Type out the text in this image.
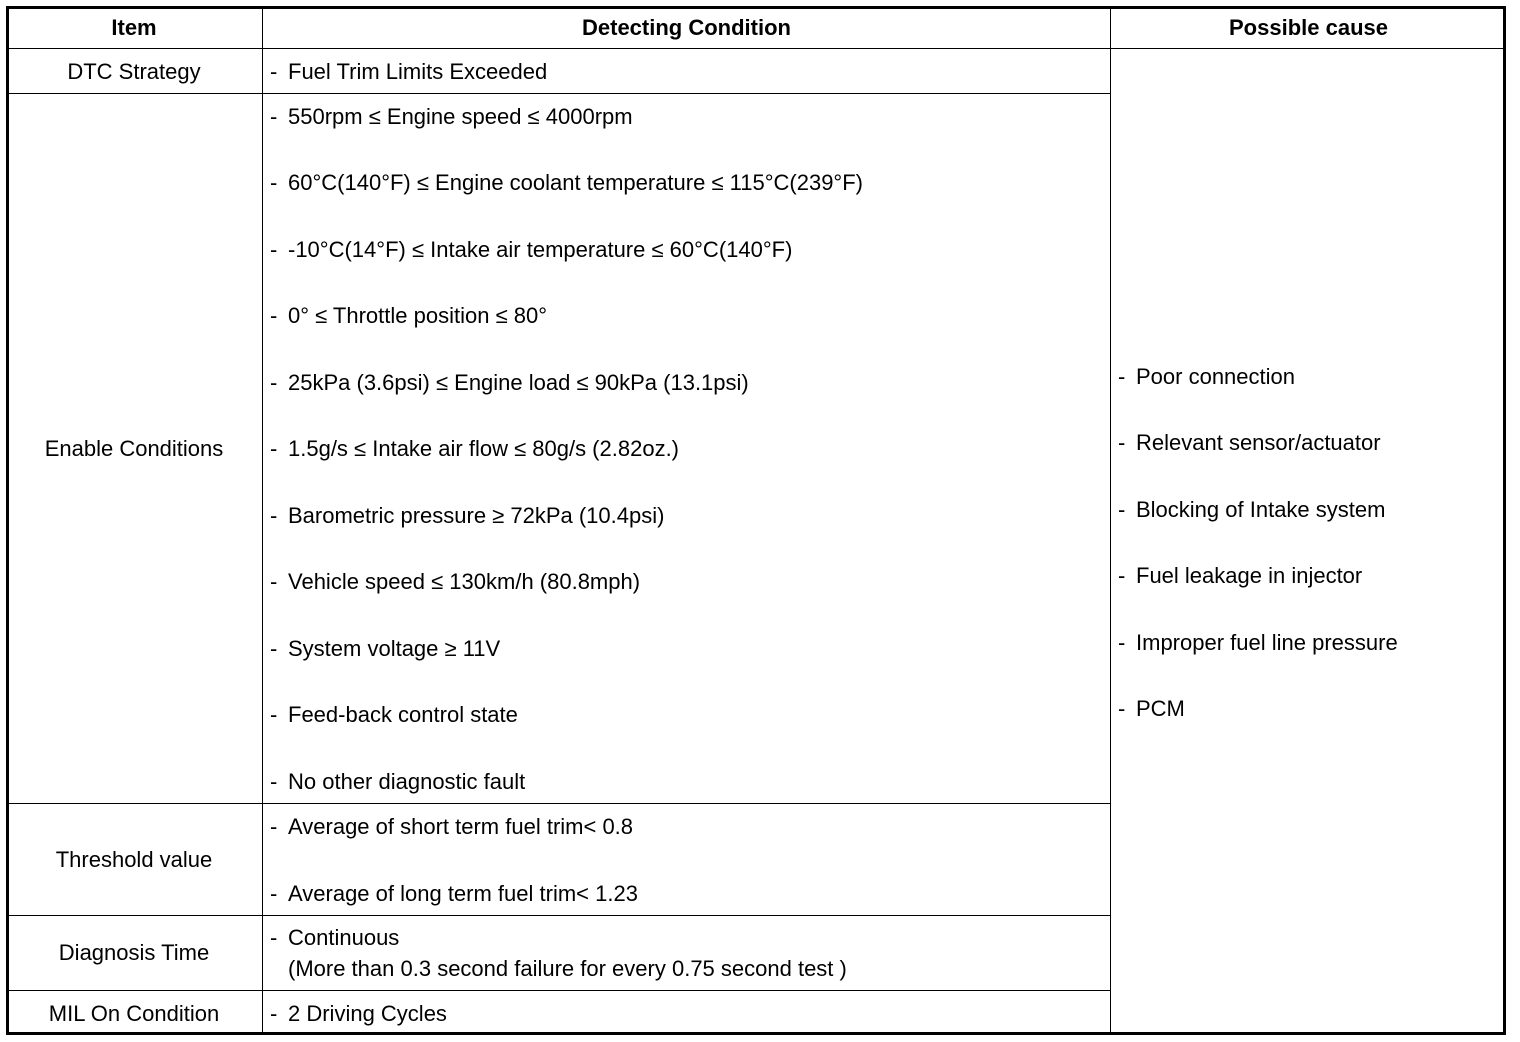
Item	Detecting Condition	Possible cause
DTC Strategy
Enable Conditions
Threshold value
Diagnosis Time
MIL On Condition

-

Fuel Trim Limits Exceeded

- 550rpm ≤ Engine speed ≤ 4000rpm
- 60°C(140°F) ≤ Engine coolant temperature ≤ 115°C(239°F)
- -10°C(14°F) ≤ Intake air temperature ≤ 60°C(140°F)
- 0° ≤ Throttle position ≤ 80°
- 25kPa (3.6psi) ≤ Engine load ≤ 90kPa (13.1psi)
- 1.5g/s ≤ Intake air flow ≤ 80g/s (2.82oz.)
- Barometric pressure ≥ 72kPa (10.4psi)
- Vehicle speed ≤ 130km/h (80.8mph)
- System voltage ≥ 11V
- Feed-back control state
- No other diagnostic fault
- Average of short term fuel trim< 0.8
- Average of long term fuel trim< 1.23
- Continuous
(More than 0.3 second failure for every 0.75 second test )
- 2 Driving Cycles
- Poor connection
- Relevant sensor/actuator
- Blocking of Intake system
- Fuel leakage in injector
- Improper fuel line pressure
- PCM
